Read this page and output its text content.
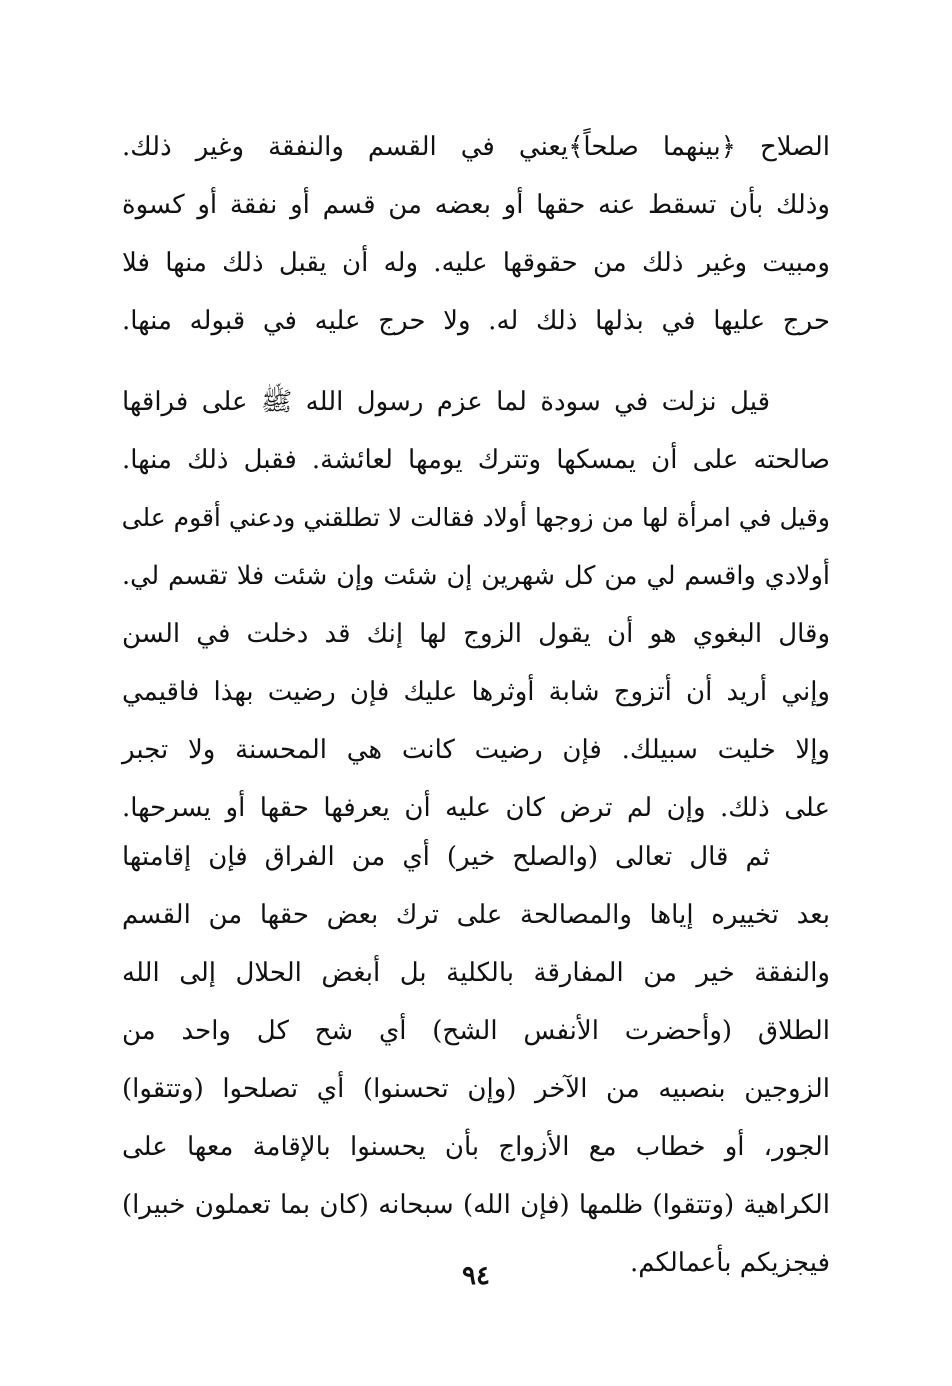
الصلاح ﴿بينهما صلحاً﴾يعني في القسم والنفقة وغير ذلك.
وذلك بأن تسقط عنه حقها أو بعضه من قسم أو نفقة أو كسوة
ومبيت وغير ذلك من حقوقها عليه. وله أن يقبل ذلك منها فلا
حرج عليها في بذلها ذلك له. ولا حرج عليه في قبوله منها.
قيل نزلت في سودة لما عزم رسول الله ﷺ على فراقها
صالحته على أن يمسكها وتترك يومها لعائشة. فقبل ذلك منها.
وقيل في امرأة لها من زوجها أولاد فقالت لا تطلقني ودعني أقوم على
أولادي واقسم لي من كل شهرين إن شئت وإن شئت فلا تقسم لي.
وقال البغوي هو أن يقول الزوج لها إنك قد دخلت في السن
وإني أريد أن أتزوج شابة أوثرها عليك فإن رضيت بهذا فاقيمي
وإلا خليت سبيلك. فإن رضيت كانت هي المحسنة ولا تجبر
على ذلك. وإن لم ترض كان عليه أن يعرفها حقها أو يسرحها.
ثم قال تعالى (والصلح خير) أي من الفراق فإن إقامتها
بعد تخييره إياها والمصالحة على ترك بعض حقها من القسم
والنفقة خير من المفارقة بالكلية بل أبغض الحلال إلى الله
الطلاق (وأحضرت الأنفس الشح) أي شح كل واحد من
الزوجين بنصبيه من الآخر (وإن تحسنوا) أي تصلحوا (وتتقوا)
الجور، أو خطاب مع الأزواج بأن يحسنوا بالإقامة معها على
الكراهية (وتتقوا) ظلمها (فإن الله) سبحانه (كان بما تعملون خبيرا)
فيجزيكم بأعمالكم.
٩٤
